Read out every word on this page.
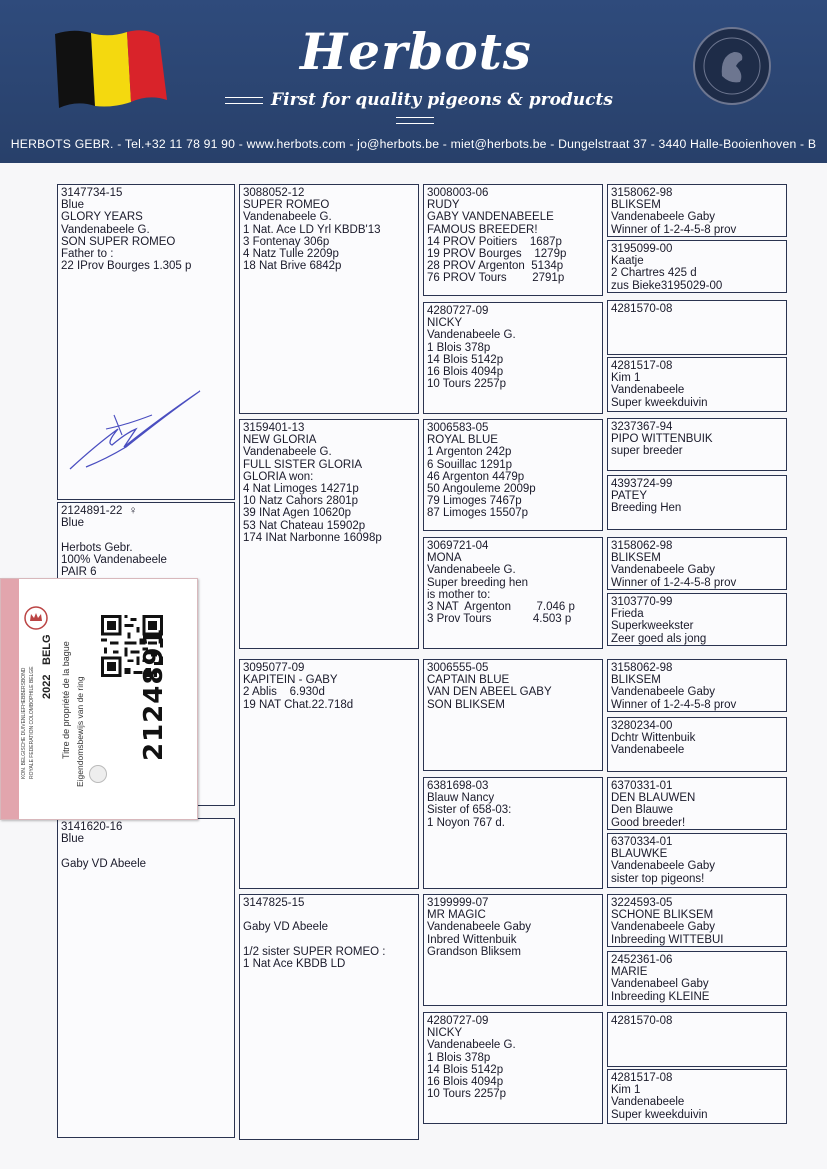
Herbots
First for quality pigeons & products
HERBOTS GEBR. - Tel.+32 11 78 91 90 - www.herbots.com - jo@herbots.be - miet@herbots.be - Dungelstraat 37 - 3440 Halle-Booienhoven - B
3147734-15
Blue
GLORY YEARS
Vandenabeele G.
SON SUPER ROMEO
Father to :
22 IProv Bourges 1.305 p
2124891-22  ♀
Blue

Herbots Gebr.
100% Vandenabeele
PAIR 6
3141620-16
Blue

Gaby VD Abeele
3088052-12
SUPER ROMEO
Vandenabeele G.
1 Nat. Ace LD Yrl KBDB'13
3 Fontenay 306p
4 Natz Tulle 2209p
18 Nat Brive 6842p
3159401-13
NEW GLORIA
Vandenabeele G.
FULL SISTER GLORIA
GLORIA won:
4 Nat Limoges 14271p
10 Natz Cahors 2801p
39 INat Agen 10620p
53 Nat Chateau 15902p
174 INat Narbonne 16098p
3095077-09
KAPITEIN - GABY
2 Ablis    6.930d
19 NAT Chat.22.718d
3147825-15

Gaby VD Abeele

1/2 sister SUPER ROMEO :
1 Nat Ace KBDB LD
3008003-06
RUDY
GABY VANDENABEELE
FAMOUS BREEDER!
14 PROV Poitiers    1687p
19 PROV Bourges    1279p
28 PROV Argenton  5134p
76 PROV Tours        2791p
4280727-09
NICKY
Vandenabeele G.
1 Blois 378p
14 Blois 5142p
16 Blois 4094p
10 Tours 2257p
3006583-05
ROYAL BLUE
1 Argenton 242p
6 Souillac 1291p
46 Argenton 4479p
50 Angouleme 2009p
79 Limoges 7467p
87 Limoges 15507p
3069721-04
MONA
Vandenabeele G.
Super breeding hen
is mother to:
3 NAT  Argenton        7.046 p
3 Prov Tours             4.503 p
3006555-05
CAPTAIN BLUE
VAN DEN ABEEL GABY
SON BLIKSEM
6381698-03
Blauw Nancy
Sister of 658-03:
1 Noyon 767 d.
3199999-07
MR MAGIC
Vandenabeele Gaby
Inbred Wittenbuik
Grandson Bliksem
4280727-09
NICKY
Vandenabeele G.
1 Blois 378p
14 Blois 5142p
16 Blois 4094p
10 Tours 2257p
3158062-98
BLIKSEM
Vandenabeele Gaby
Winner of 1-2-4-5-8 prov
3195099-00
Kaatje
2 Chartres 425 d
zus Bieke3195029-00
4281570-08
4281517-08
Kim 1
Vandenabeele
Super kweekduivin
3237367-94
PIPO WITTENBUIK
super breeder
4393724-99
PATEY
Breeding Hen
3158062-98
BLIKSEM
Vandenabeele Gaby
Winner of 1-2-4-5-8 prov
3103770-99
Frieda
Superkweekster
Zeer goed als jong
3158062-98
BLIKSEM
Vandenabeele Gaby
Winner of 1-2-4-5-8 prov
3280234-00
Dchtr Wittenbuik
Vandenabeele
6370331-01
DEN BLAUWEN
Den Blauwe
Good breeder!
6370334-01
BLAUWKE
Vandenabeele Gaby
sister top pigeons!
3224593-05
SCHONE BLIKSEM
Vandenabeele Gaby
Inbreeding WITTEBUI
2452361-06
MARIE
Vandenabeel Gaby
Inbreeding KLEINE
4281570-08
4281517-08
Kim 1
Vandenabeele
Super kweekduivin
Titre de propriété de la bague Eigendomsbewijs van de ring
KON. BELGISCHE DUIVENLIEFHEBBERSBOND ROYALE FEDERATION COLOMBOPHILE BELGE 2022
BELG	2124891
